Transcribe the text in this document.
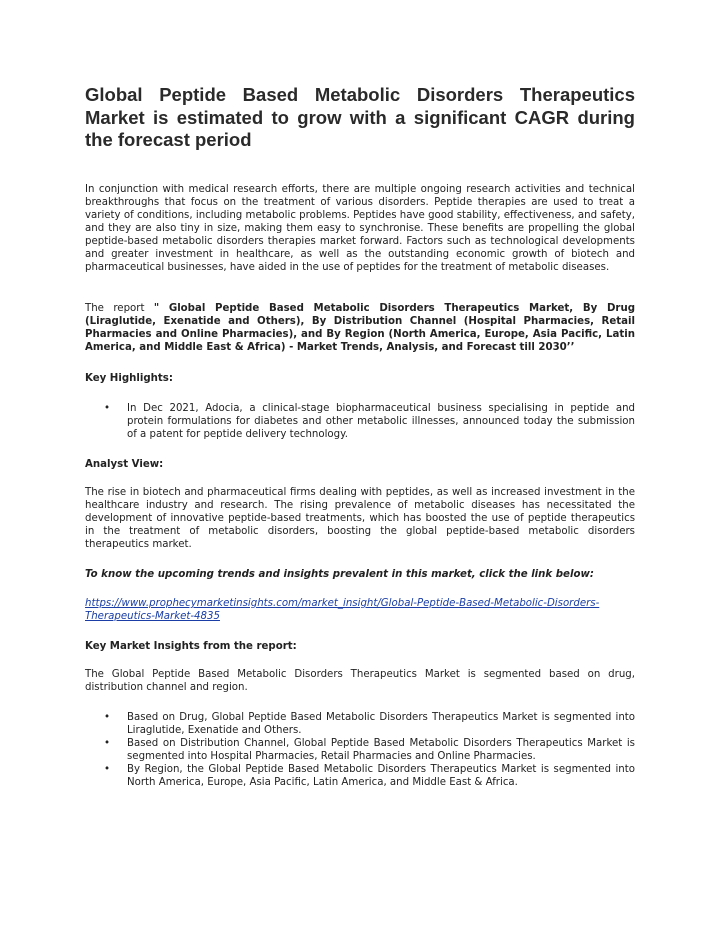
Global Peptide Based Metabolic Disorders Therapeutics Market is estimated to grow with a significant CAGR during the forecast period

In conjunction with medical research efforts, there are multiple ongoing research activities and technical breakthroughs that focus on the treatment of various disorders. Peptide therapies are used to treat a variety of conditions, including metabolic problems. Peptides have good stability, effectiveness, and safety, and they are also tiny in size, making them easy to synchronise. These benefits are propelling the global peptide-based metabolic disorders therapies market forward. Factors such as technological developments and greater investment in healthcare, as well as the outstanding economic growth of biotech and pharmaceutical businesses, have aided in the use of peptides for the treatment of metabolic diseases.

The report " Global Peptide Based Metabolic Disorders Therapeutics Market, By Drug (Liraglutide, Exenatide and Others), By Distribution Channel (Hospital Pharmacies, Retail Pharmacies and Online Pharmacies), and By Region (North America, Europe, Asia Pacific, Latin America, and Middle East & Africa) - Market Trends, Analysis, and Forecast till 2030’’

Key Highlights:
• In Dec 2021, Adocia, a clinical-stage biopharmaceutical business specialising in peptide and protein formulations for diabetes and other metabolic illnesses, announced today the submission of a patent for peptide delivery technology.
Analyst View:

The rise in biotech and pharmaceutical firms dealing with peptides, as well as increased investment in the healthcare industry and research. The rising prevalence of metabolic diseases has necessitated the development of innovative peptide-based treatments, which has boosted the use of peptide therapeutics in the treatment of metabolic disorders, boosting the global peptide-based metabolic disorders therapeutics market.

To know the upcoming trends and insights prevalent in this market, click the link below:

https://www.prophecymarketinsights.com/market_insight/Global-Peptide-Based-Metabolic-Disorders-Therapeutics-Market-4835

Key Market Insights from the report:

The Global Peptide Based Metabolic Disorders Therapeutics Market is segmented based on drug, distribution channel and region.

• Based on Drug, Global Peptide Based Metabolic Disorders Therapeutics Market is segmented into Liraglutide, Exenatide and Others.
• Based on Distribution Channel, Global Peptide Based Metabolic Disorders Therapeutics Market is segmented into Hospital Pharmacies, Retail Pharmacies and Online Pharmacies.
• By Region, the Global Peptide Based Metabolic Disorders Therapeutics Market is segmented into North America, Europe, Asia Pacific, Latin America, and Middle East & Africa.
